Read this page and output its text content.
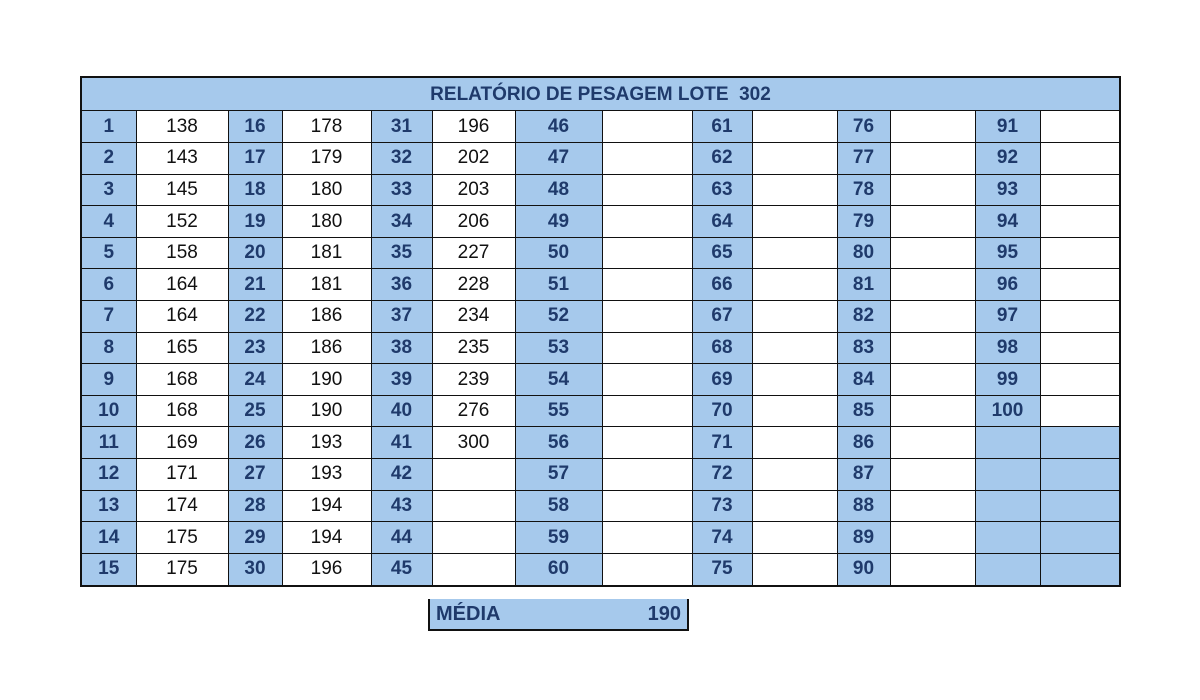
RELATÓRIO DE PESAGEM LOTE  302
1	138	16	178	31	196	46		61		76		91	
2	143	17	179	32	202	47		62		77		92	
3	145	18	180	33	203	48		63		78		93	
4	152	19	180	34	206	49		64		79		94	
5	158	20	181	35	227	50		65		80		95	
6	164	21	181	36	228	51		66		81		96	
7	164	22	186	37	234	52		67		82		97	
8	165	23	186	38	235	53		68		83		98	
9	168	24	190	39	239	54		69		84		99	
10	168	25	190	40	276	55		70		85		100	
11	169	26	193	41	300	56		71		86			
12	171	27	193	42		57		72		87			
13	174	28	194	43		58		73		88			
14	175	29	194	44		59		74		89			
15	175	30	196	45		60		75		90			
MÉDIA	190
